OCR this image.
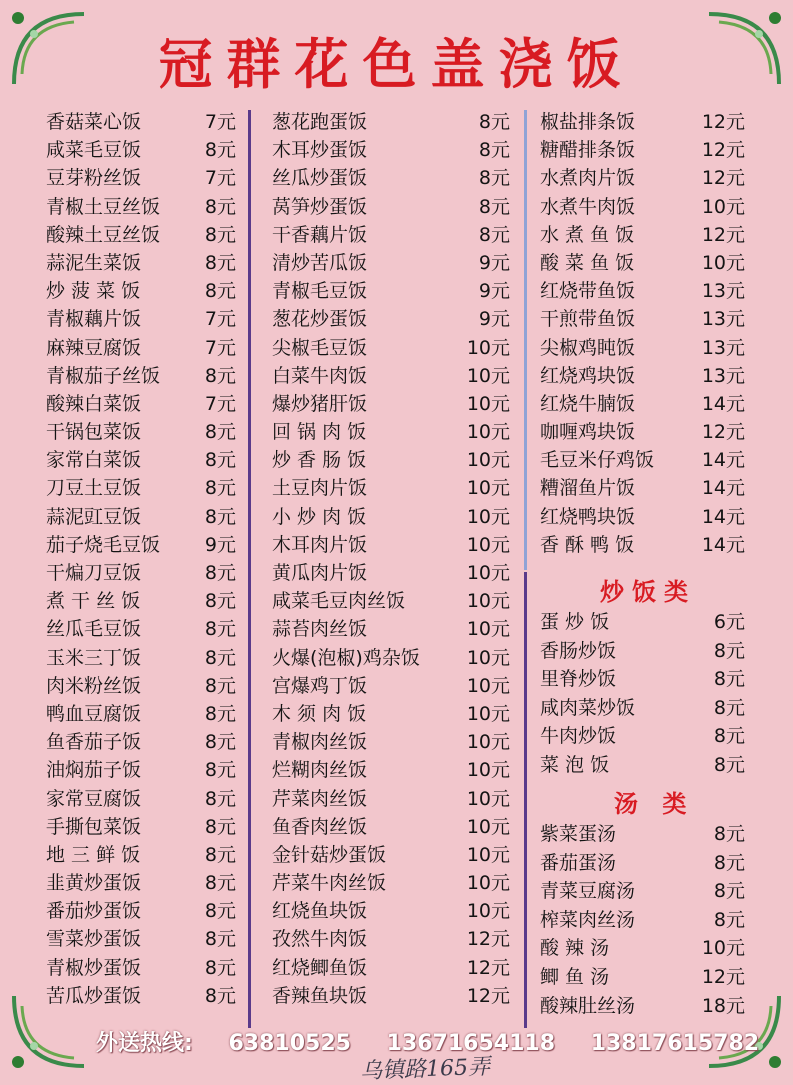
冠群花色盖浇饭
香菇菜心饭	7元
咸菜毛豆饭	8元
豆芽粉丝饭	7元
青椒土豆丝饭 8元
酸辣土豆丝饭 8元
蒜泥生菜饭	8元
炒 菠 菜 饭	8元
青椒藕片饭	7元
麻辣豆腐饭	7元
青椒茄子丝饭 8元
酸辣白菜饭	7元
干锅包菜饭	8元
家常白菜饭	8元
刀豆土豆饭	8元
蒜泥豇豆饭	8元
茄子烧毛豆饭 9元
干煸刀豆饭	8元
煮 干 丝 饭	8元
丝瓜毛豆饭	8元
玉米三丁饭	8元
肉米粉丝饭	8元
鸭血豆腐饭	8元
鱼香茄子饭	8元
油焖茄子饭	8元
家常豆腐饭	8元
手撕包菜饭	8元
地 三 鲜 饭	8元
韭黄炒蛋饭	8元
番茄炒蛋饭	8元
雪菜炒蛋饭	8元
青椒炒蛋饭	8元
苦瓜炒蛋饭	8元
葱花跑蛋饭	8元
木耳炒蛋饭	8元
丝瓜炒蛋饭	8元
莴笋炒蛋饭	8元
干香藕片饭	8元
清炒苦瓜饭	9元
青椒毛豆饭	9元
葱花炒蛋饭	9元
尖椒毛豆饭	10元
白菜牛肉饭	10元
爆炒猪肝饭	10元
回 锅 肉 饭	10元
炒 香 肠 饭	10元
土豆肉片饭	10元
小 炒 肉 饭	10元
木耳肉片饭	10元
黄瓜肉片饭	10元
咸菜毛豆肉丝饭	10元
蒜苔肉丝饭	10元
火爆(泡椒)鸡杂饭 10元
宫爆鸡丁饭	10元
木 须 肉 饭	10元
青椒肉丝饭	10元
烂糊肉丝饭	10元
芹菜肉丝饭	10元
鱼香肉丝饭	10元
金针菇炒蛋饭	10元
芹菜牛肉丝饭	10元
红烧鱼块饭	10元
孜然牛肉饭	12元
红烧鲫鱼饭	12元
香辣鱼块饭	12元
椒盐排条饭	12元
糖醋排条饭	12元
水煮肉片饭	12元
水煮牛肉饭	10元
水 煮 鱼 饭	12元
酸 菜 鱼 饭	10元
红烧带鱼饭	13元
干煎带鱼饭	13元
尖椒鸡盹饭	13元
红烧鸡块饭	13元
红烧牛腩饭	14元
咖喱鸡块饭	12元
毛豆米仔鸡饭	14元
糟溜鱼片饭	14元
红烧鸭块饭	14元
香 酥 鸭 饭	14元
炒饭类
蛋 炒 饭	6元
香肠炒饭	8元
里脊炒饭	8元
咸肉菜炒饭	8元
牛肉炒饭	8元
菜 泡 饭	8元
汤 类
紫菜蛋汤	8元
番茄蛋汤	8元
青菜豆腐汤	8元
榨菜肉丝汤	8元
酸 辣 汤	10元
鲫 鱼 汤	12元
酸辣肚丝汤	18元
外送热线: 63810525 13671654118 13817615782
乌镇路165弄
